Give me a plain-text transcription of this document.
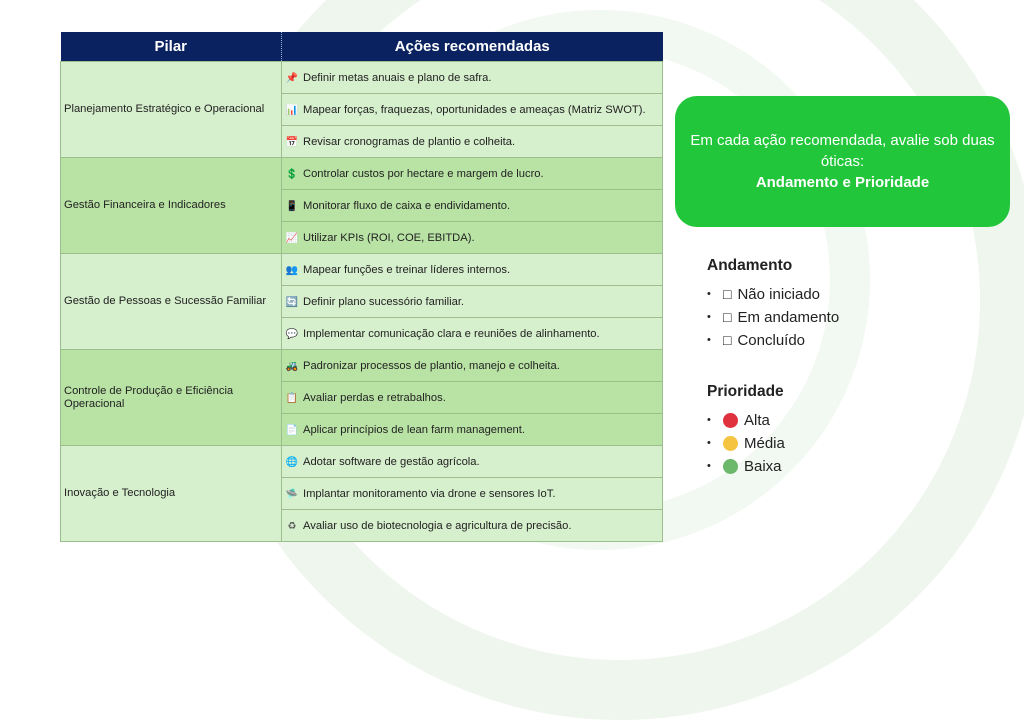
Pilar	Ações recomendadas
Planejamento Estratégico e Operacional	📌 Definir metas anuais e plano de safra.
	📊 Mapear forças, fraquezas, oportunidades e ameaças (Matriz SWOT).
	📅 Revisar cronogramas de plantio e colheita.
Gestão Financeira e Indicadores	💲 Controlar custos por hectare e margem de lucro.
	📱 Monitorar fluxo de caixa e endividamento.
	📈 Utilizar KPIs (ROI, COE, EBITDA).
Gestão de Pessoas e Sucessão Familiar	👥 Mapear funções e treinar líderes internos.
	🔄 Definir plano sucessório familiar.
	💬 Implementar comunicação clara e reuniões de alinhamento.
Controle de Produção e Eficiência Operacional	🚜 Padronizar processos de plantio, manejo e colheita.
	📋 Avaliar perdas e retrabalhos.
	📄 Aplicar princípios de lean farm management.
Inovação e Tecnologia	🌐 Adotar software de gestão agrícola.
	🛸 Implantar monitoramento via drone e sensores IoT.
	♻ Avaliar uso de biotecnologia e agricultura de precisão.
Em cada ação recomendada, avalie sob duas óticas:
Andamento e Prioridade
Andamento
• □ Não iniciado
• □ Em andamento
• □ Concluído
Prioridade
•	Alta
•	Média
•	Baixa
